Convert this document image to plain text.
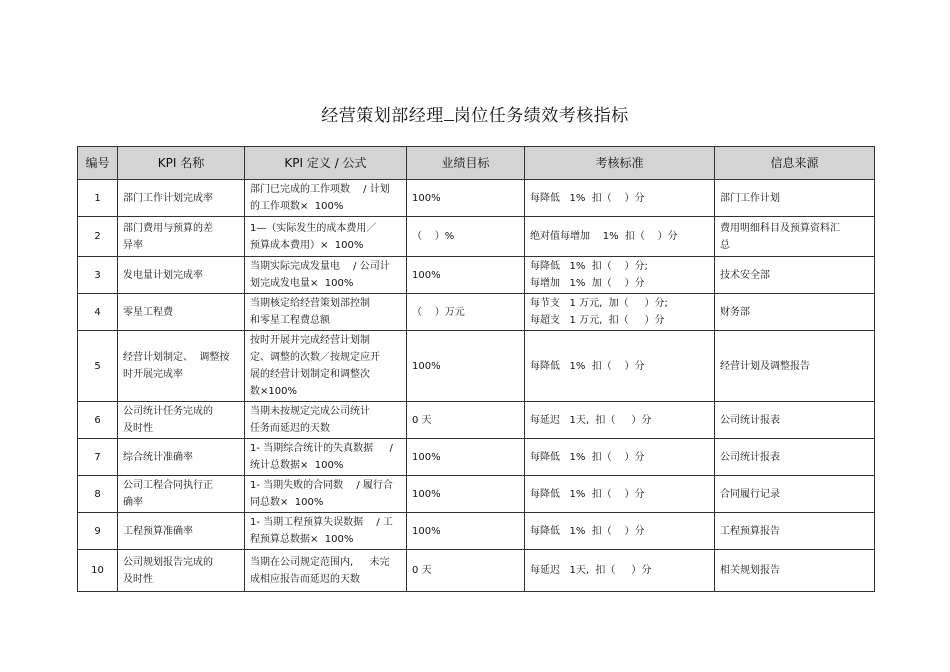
经营策划部经理 岗位任务绩效考核指标
编号	KPI 名称	KPI 定义 / 公式	业绩目标	考核标准	信息来源
1	部门工作计划完成率	部门已完成的工作项数　 / 计划
的工作项数×  100%	100%	每降低   1%  扣（    ）分	部门工作计划

2	部门费用与预算的差
异率	1—（实际发生的成本费用／
预算成本费用）×  100%	（    ）%	绝对值每增加    1%  扣（    ）分	费用明细科目及预算资料汇
总

3	发电量计划完成率	当期实际完成发量电　 / 公司计
划完成发电量×  100%	100%	每降低   1%  扣（    ）分;
每增加   1%  加（    ）分	技术安全部

4	零星工程费	当期核定给经营策划部控制
和零星工程费总额	（    ）万元	每节支   1 万元,  加（     ）分;
每超支   1 万元,  扣（     ）分	财务部

5	经营计划制定、  调整按
时开展完成率	按时开展并完成经营计划制
定、调整的次数／按规定应开
展的经营计划制定和调整次
数×100%	100%	每降低   1%  扣（    ）分	经营计划及调整报告

6	公司统计任务完成的
及时性	当期未按规定完成公司统计
任务而延迟的天数	0 天	每延迟   1天,  扣（     ）分	公司统计报表

7	综合统计准确率	1- 当期综合统计的失真数据　  /
统计总数据×  100%	100%	每降低   1%  扣（    ）分	公司统计报表

8	公司工程合同执行正
确率	1- 当期失败的合同数　 / 履行合
同总数×  100%	100%	每降低   1%  扣（    ）分	合同履行记录

9	工程预算准确率	1- 当期工程预算失误数据　 / 工
程预算总数据×  100%	100%	每降低   1%  扣（    ）分	工程预算报告

10	公司规划报告完成的
及时性	当期在公司规定范围内,　  未完
成相应报告而延迟的天数	0 天	每延迟   1天,  扣（     ）分	相关规划报告
